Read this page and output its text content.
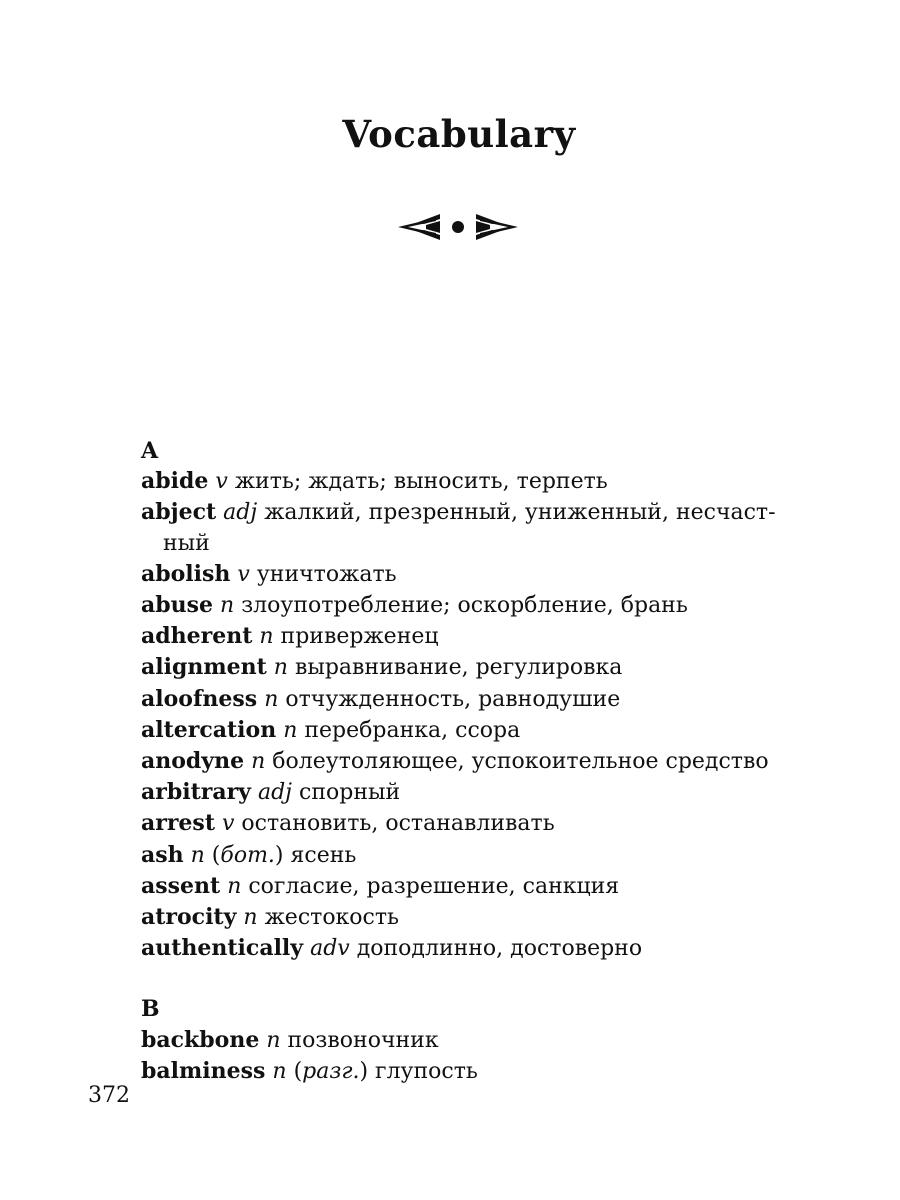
Vocabulary
A
abide v жить; ждать; выносить, терпеть
abject adj жалкий, презренный, униженный, несчаст-
ный
abolish v уничтожать
abuse n злоупотребление; оскорбление, брань
adherent n приверженец
alignment n выравнивание, регулировка
aloofness n отчужденность, равнодушие
altercation n перебранка, ссора
anodyne n болеутоляющее, успокоительное средство
arbitrary adj спорный
arrest v остановить, останавливать
ash n (бот.) ясень
assent n согласие, разрешение, санкция
atrocity n жестокость
authentically adv доподлинно, достоверно
B
backbone n позвоночник
balminess n (разг.) глупость
372
